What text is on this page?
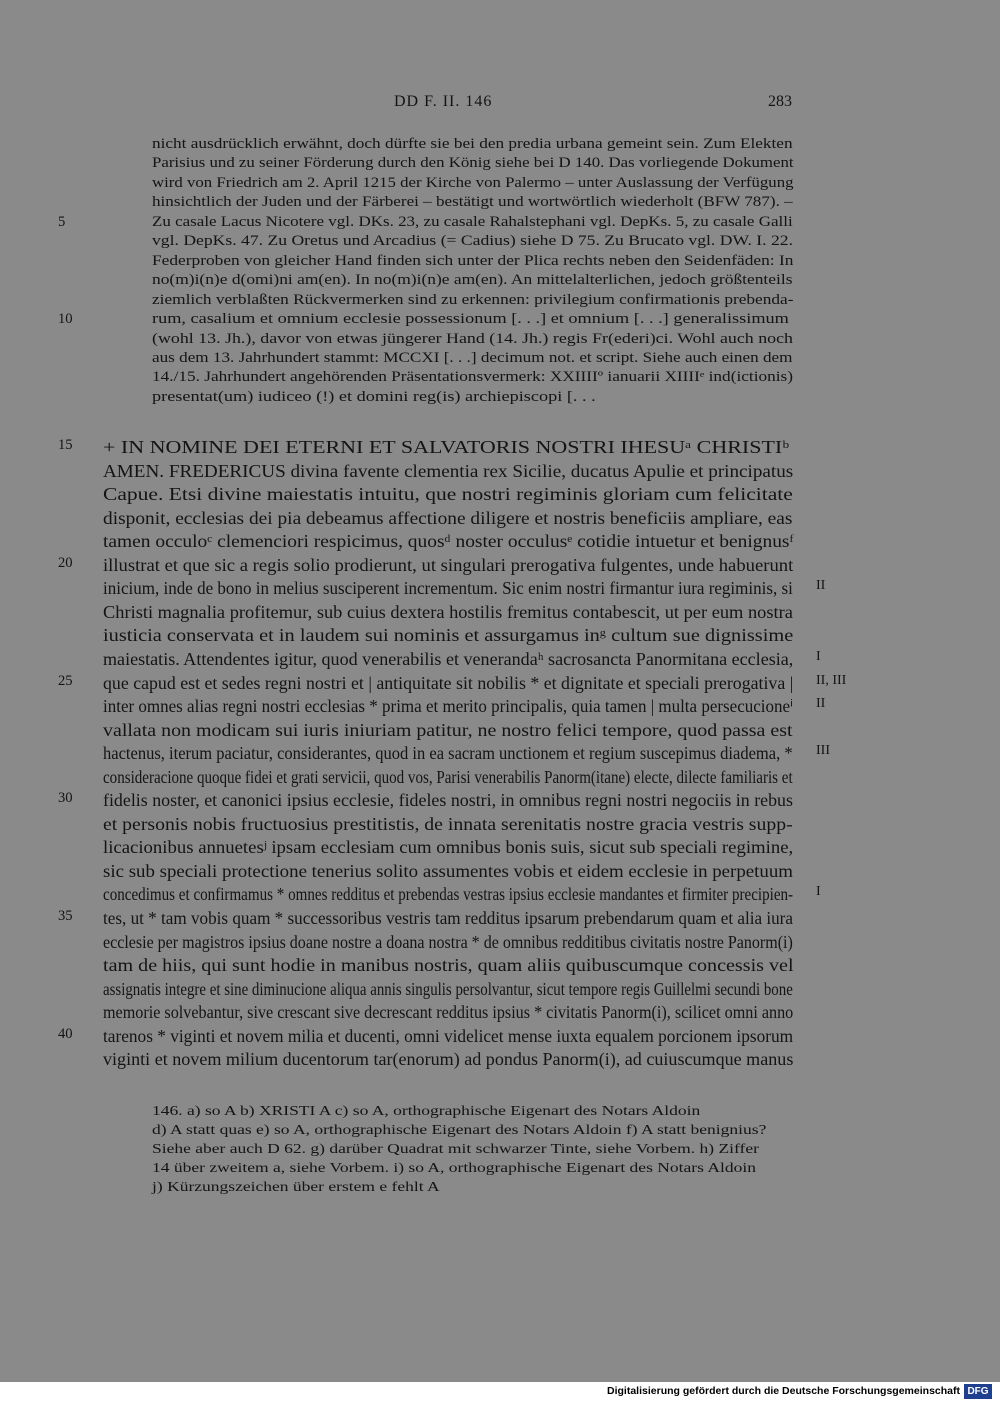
DD F. II. 146	283
nicht ausdrücklich erwähnt, doch dürfte sie bei den predia urbana gemeint sein. Zum Elekten
Parisius und zu seiner Förderung durch den König siehe bei D 140. Das vorliegende Dokument
wird von Friedrich am 2. April 1215 der Kirche von Palermo – unter Auslassung der Verfügung
hinsichtlich der Juden und der Färberei – bestätigt und wortwörtlich wiederholt (BFW 787). –
5	Zu casale Lacus Nicotere vgl. DKs. 23, zu casale Rahalstephani vgl. DepKs. 5, zu casale Galli
vgl. DepKs. 47. Zu Oretus und Arcadius (= Cadius) siehe D 75. Zu Brucato vgl. DW. I. 22.
Federproben von gleicher Hand finden sich unter der Plica rechts neben den Seidenfäden: In
no(m)i(n)e d(omi)ni am(en). In no(m)i(n)e am(en). An mittelalterlichen, jedoch größtenteils
ziemlich verblaßten Rückvermerken sind zu erkennen: privilegium confirmationis prebenda-
10	rum, casalium et omnium ecclesie possessionum [. . .] et omnium [. . .] generalissimum
(wohl 13. Jh.), davor von etwas jüngerer Hand (14. Jh.) regis Fr(ederi)ci. Wohl auch noch
aus dem 13. Jahrhundert stammt: MCCXI [. . .] decimum not. et script. Siehe auch einen dem
14./15. Jahrhundert angehörenden Präsentationsvermerk: XXIIIIº ianuarii XIIIIᵉ ind(ictionis)
presentat(um) iudiceo (!) et domini reg(is) archiepiscopi [. . .
15	+ IN NOMINE DEI ETERNI ET SALVATORIS NOSTRI IHESUᵃ CHRISTIᵇ
AMEN. FREDERICUS divina favente clementia rex Sicilie, ducatus Apulie et principatus
Capue. Etsi divine maiestatis intuitu, que nostri regiminis gloriam cum felicitate
disponit, ecclesias dei pia debeamus affectione diligere et nostris beneficiis ampliare, eas
tamen occuloᶜ clemenciori respicimus, quosᵈ noster occulusᵉ cotidie intuetur et benignusᶠ
20	illustrat et que sic a regis solio prodierunt, ut singulari prerogativa fulgentes, unde habuerunt
inicium, inde de bono in melius susciperent incrementum. Sic enim nostri firmantur iura regiminis, si II
Christi magnalia profitemur, sub cuius dextera hostilis fremitus contabescit, ut per eum nostra
iusticia conservata et in laudem sui nominis et assurgamus inᵍ cultum sue dignissime
maiestatis. Attendentes igitur, quod venerabilis et venerandaʰ sacrosancta Panormitana ecclesia, I
25	que capud est et sedes regni nostri et | antiquitate sit nobilis * et dignitate et speciali prerogativa | II, III
inter omnes alias regni nostri ecclesias * prima et merito principalis, quia tamen | multa persecucioneⁱ II
vallata non modicam sui iuris iniuriam patitur, ne nostro felici tempore, quod passa est
hactenus, iterum paciatur, considerantes, quod in ea sacram unctionem et regium suscepimus diadema, * III
consideracione quoque fidei et grati servicii, quod vos, Parisi venerabilis Panorm(itane) electe, dilecte familiaris et
30	fidelis noster, et canonici ipsius ecclesie, fideles nostri, in omnibus regni nostri negociis in rebus
et personis nobis fructuosius prestitistis, de innata serenitatis nostre gracia vestris supp-
licacionibus annuetesʲ ipsam ecclesiam cum omnibus bonis suis, sicut sub speciali regimine,
sic sub speciali protectione tenerius solito assumentes vobis et eidem ecclesie in perpetuum
concedimus et confirmamus * omnes redditus et prebendas vestras ipsius ecclesie mandantes et firmiter precipien- I
35	tes, ut * tam vobis quam * successoribus vestris tam redditus ipsarum prebendarum quam et alia iura
ecclesie per magistros ipsius doane nostre a doana nostra * de omnibus redditibus civitatis nostre Panorm(i)
tam de hiis, qui sunt hodie in manibus nostris, quam aliis quibuscumque concessis vel
assignatis integre et sine diminucione aliqua annis singulis persolvantur, sicut tempore regis Guillelmi secundi bone
memorie solvebantur, sive crescant sive decrescant redditus ipsius * civitatis Panorm(i), scilicet omni anno
40	tarenos * viginti et novem milia et ducenti, omni videlicet mense iuxta equalem porcionem ipsorum
viginti et novem milium ducentorum tar(enorum) ad pondus Panorm(i), ad cuiuscumque manus
146. a) so A b) XRISTI A c) so A, orthographische Eigenart des Notars Aldoin
d) A statt quas e) so A, orthographische Eigenart des Notars Aldoin f) A statt benignius?
Siehe aber auch D 62. g) darüber Quadrat mit schwarzer Tinte, siehe Vorbem. h) Ziffer
14 über zweitem a, siehe Vorbem. i) so A, orthographische Eigenart des Notars Aldoin
j) Kürzungszeichen über erstem e fehlt A
Digitalisierung gefördert durch die Deutsche Forschungsgemeinschaft DFG
